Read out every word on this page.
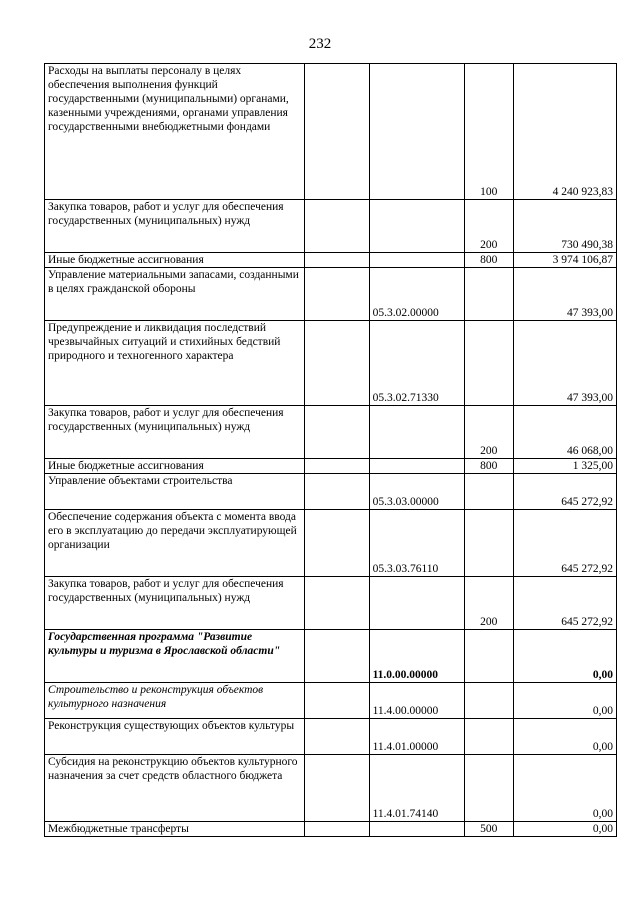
232
Расходы на выплаты персоналу в целях обеспечения выполнения функций государственными (муниципальными) органами, казенными учреждениями, органами управления государственными внебюджетными фондами			100	4 240 923,83
Закупка товаров, работ и услуг для обеспечения государственных (муниципальных) нужд			200	730 490,38
Иные бюджетные ассигнования			800	3 974 106,87
Управление материальными запасами, созданными в целях гражданской обороны		05.3.02.00000		47 393,00
Предупреждение и ликвидация последствий чрезвычайных ситуаций и стихийных бедствий природного и техногенного характера		05.3.02.71330		47 393,00
Закупка товаров, работ и услуг для обеспечения государственных (муниципальных) нужд			200	46 068,00
Иные бюджетные ассигнования			800	1 325,00
Управление объектами строительства		05.3.03.00000		645 272,92
Обеспечение содержания объекта с момента ввода его в эксплуатацию до передачи эксплуатирующей организации		05.3.03.76110		645 272,92
Закупка товаров, работ и услуг для обеспечения государственных (муниципальных) нужд			200	645 272,92
Государственная программа "Развитие культуры и туризма в Ярославской области"		11.0.00.00000		0,00
Строительство и реконструкция объектов культурного назначения		11.4.00.00000		0,00
Реконструкция существующих объектов культуры		11.4.01.00000		0,00
Субсидия на реконструкцию объектов культурного назначения за счет средств областного бюджета		11.4.01.74140		0,00
Межбюджетные трансферты			500	0,00
